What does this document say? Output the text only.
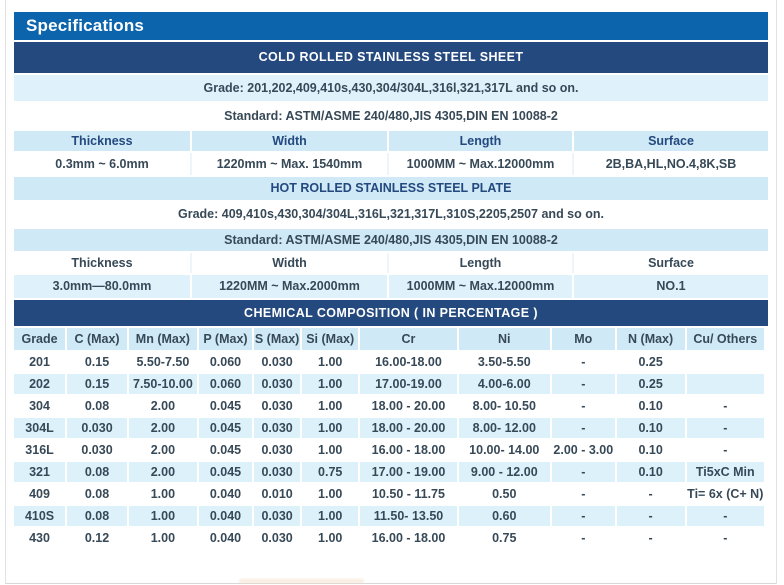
Specifications
COLD ROLLED STAINLESS STEEL SHEET
Grade: 201,202,409,410s,430,304/304L,316l,321,317L and so on.
Standard: ASTM/ASME 240/480,JIS 4305,DIN EN 10088-2
Thickness	Width	Length	Surface
0.3mm ~ 6.0mm	1220mm ~ Max. 1540mm	1000MM ~ Max.12000mm	2B,BA,HL,NO.4,8K,SB
HOT ROLLED STAINLESS STEEL PLATE
Grade: 409,410s,430,304/304L,316L,321,317L,310S,2205,2507 and so on.
Standard: ASTM/ASME 240/480,JIS 4305,DIN EN 10088-2
Thickness	Width	Length	Surface
3.0mm—80.0mm	1220MM ~ Max.2000mm	1000MM ~ Max.12000mm	NO.1
CHEMICAL COMPOSITION ( IN PERCENTAGE )
Grade	C (Max)	Mn (Max)	P (Max)	S (Max)	Si (Max)	Cr	Ni	Mo	N (Max)	Cu/ Others
201	0.15	5.50-7.50	0.060	0.030	1.00	16.00-18.00	3.50-5.50	-	0.25	
202	0.15	7.50-10.00	0.060	0.030	1.00	17.00-19.00	4.00-6.00	-	0.25	
304	0.08	2.00	0.045	0.030	1.00	18.00 - 20.00	8.00- 10.50	-	0.10	-
304L	0.030	2.00	0.045	0.030	1.00	18.00 - 20.00	8.00- 12.00	-	0.10	-
316L	0.030	2.00	0.045	0.030	1.00	16.00 - 18.00	10.00- 14.00	2.00 - 3.00	0.10	-
321	0.08	2.00	0.045	0.030	0.75	17.00 - 19.00	9.00 - 12.00	-	0.10	Ti5xC Min
409	0.08	1.00	0.040	0.010	1.00	10.50 - 11.75	0.50	-	-	Ti= 6x (C+ N)
410S	0.08	1.00	0.040	0.030	1.00	11.50- 13.50	0.60	-	-	-
430	0.12	1.00	0.040	0.030	1.00	16.00 - 18.00	0.75	-	-	-
